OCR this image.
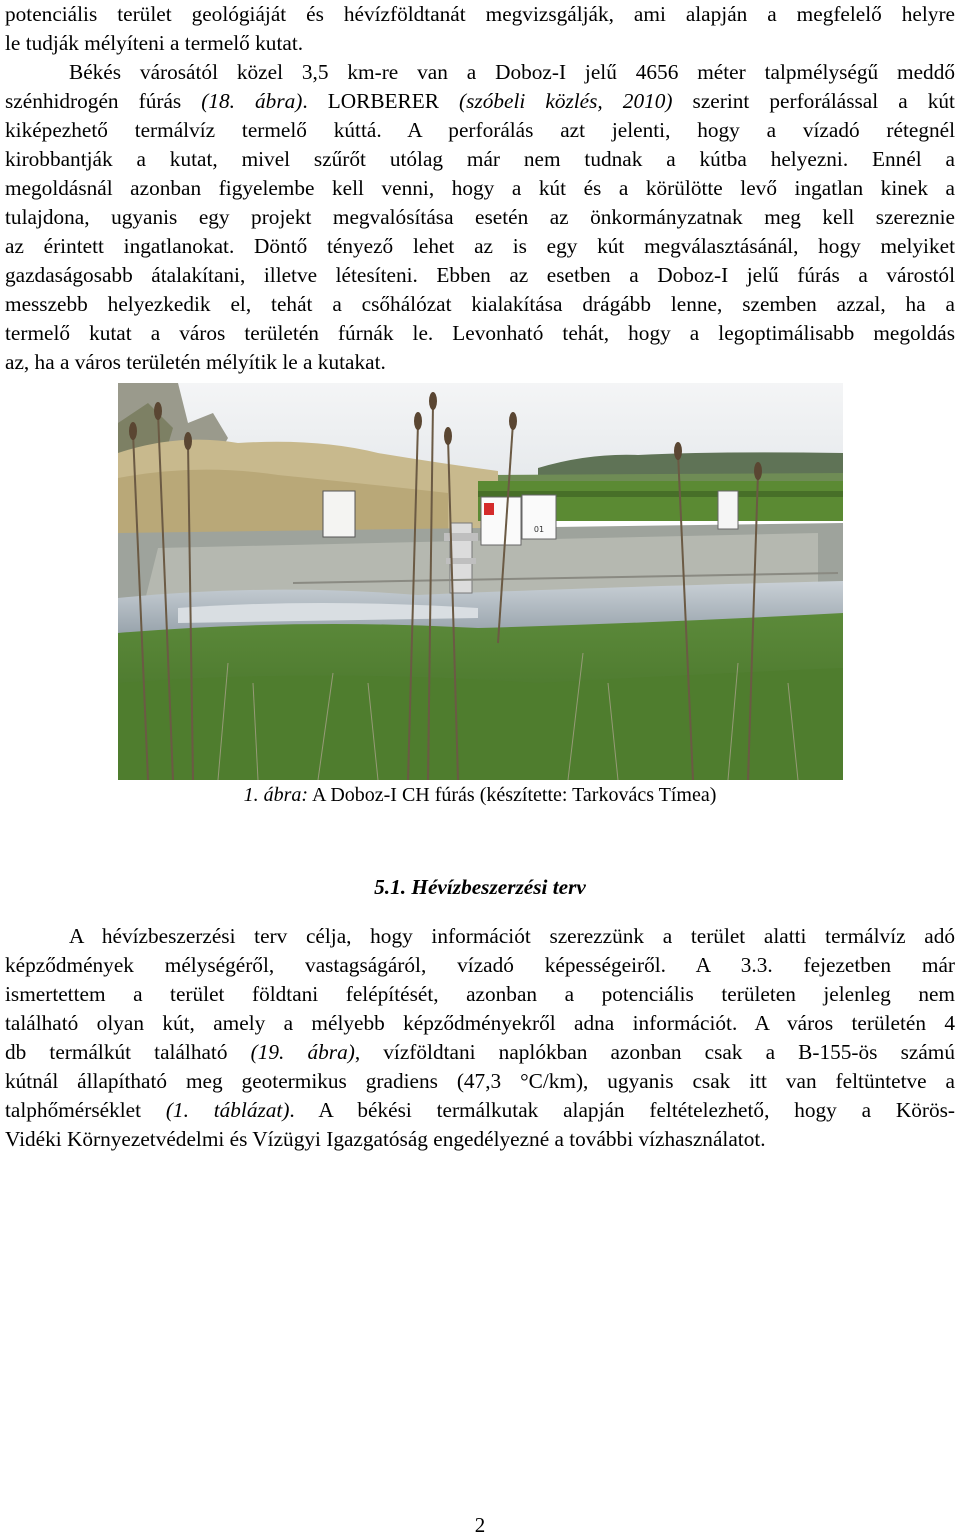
potenciális terület geológiáját és hévízföldtanát megvizsgálják, ami alapján a megfelelő helyre
le tudják mélyíteni a termelő kutat.

Békés városától közel 3,5 km-re van a Doboz-I jelű 4656 méter talpmélységű meddő
szénhidrogén fúrás (18. ábra). LORBERER (szóbeli közlés, 2010) szerint perforálással a kút
kiképezhető termálvíz termelő kúttá. A perforálás azt jelenti, hogy a vízadó rétegnél
kirobbantják a kutat, mivel szűrőt utólag már nem tudnak a kútba helyezni. Ennél a
megoldásnál azonban figyelembe kell venni, hogy a kút és a körülötte levő ingatlan kinek a
tulajdona, ugyanis egy projekt megvalósítása esetén az önkormányzatnak meg kell szereznie
az érintett ingatlanokat. Döntő tényező lehet az is egy kút megválasztásánál, hogy melyiket
gazdaságosabb átalakítani, illetve létesíteni. Ebben az esetben a Doboz-I jelű fúrás a várostól
messzebb helyezkedik el, tehát a csőhálózat kialakítása drágább lenne, szemben azzal, ha a
termelő kutat a város területén fúrnák le. Levonható tehát, hogy a legoptimálisabb megoldás
az, ha a város területén mélyítik le a kutakat.

01
1. ábra: A Doboz-I CH fúrás (készítette: Tarkovács Tímea)
5.1. Hévízbeszerzési terv

A hévízbeszerzési terv célja, hogy információt szerezzünk a terület alatti termálvíz adó
képződmények mélységéről, vastagságáról, vízadó képességeiről. A 3.3. fejezetben már
ismertettem a terület földtani felépítését, azonban a potenciális területen jelenleg nem
található olyan kút, amely a mélyebb képződményekről adna információt. A város területén 4
db termálkút található (19. ábra), vízföldtani naplókban azonban csak a B-155-ös számú
kútnál állapítható meg geotermikus gradiens (47,3 °C/km), ugyanis csak itt van feltüntetve a
talphőmérséklet (1. táblázat). A békési termálkutak alapján feltételezhető, hogy a Körös-
Vidéki Környezetvédelmi és Vízügyi Igazgatóság engedélyezné a további vízhasználatot.

2
